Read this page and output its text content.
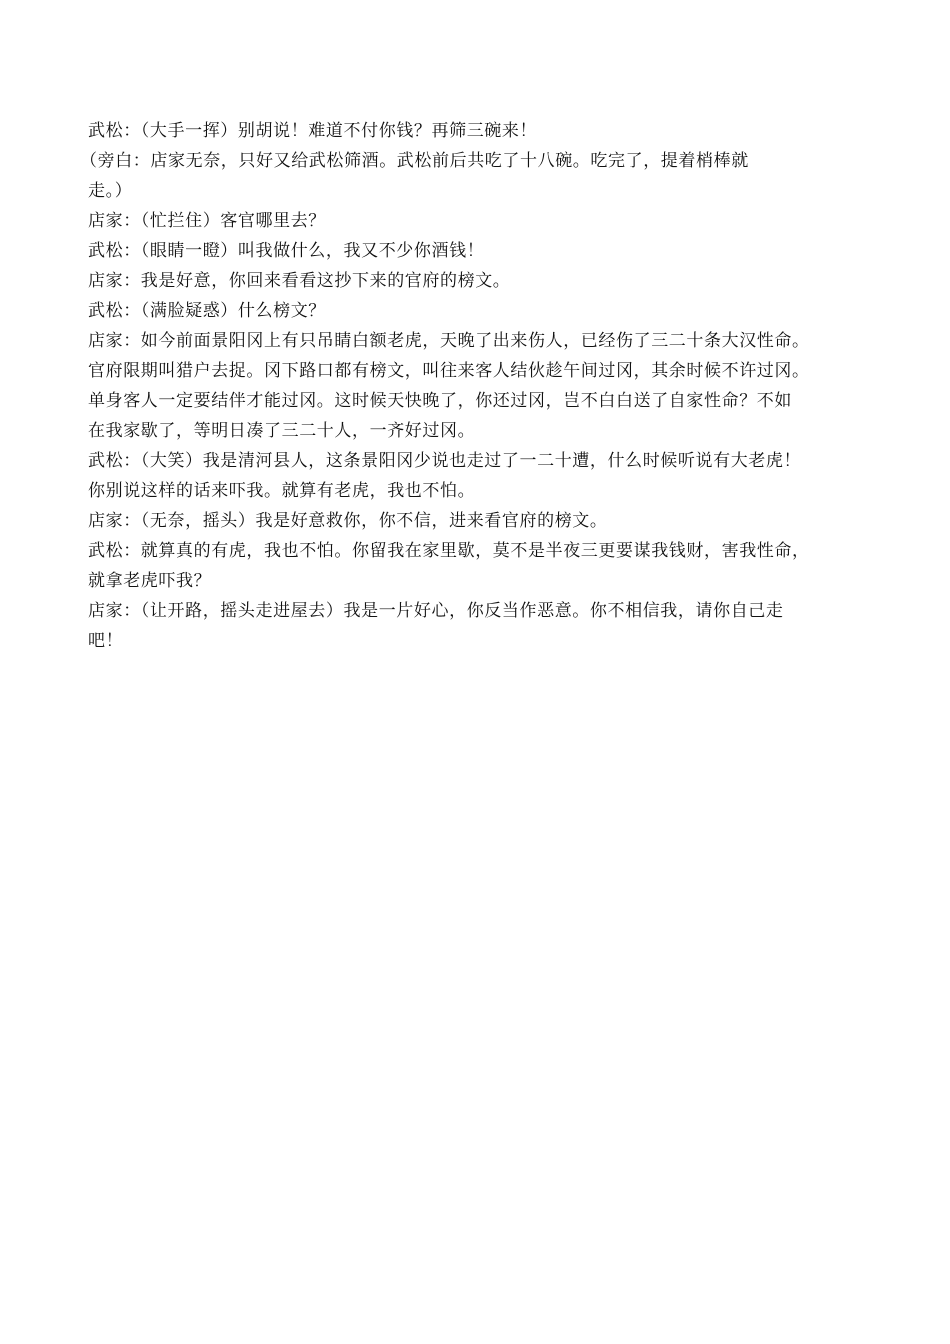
武松：（大手一挥）别胡说！难道不付你钱？再筛三碗来！

（旁白：店家无奈，只好又给武松筛酒。武松前后共吃了十八碗。吃完了，提着梢棒就

走。）

店家：（忙拦住）客官哪里去？

武松：（眼睛一瞪）叫我做什么，我又不少你酒钱！

店家：我是好意，你回来看看这抄下来的官府的榜文。

武松：（满脸疑惑）什么榜文？

店家：如今前面景阳冈上有只吊睛白额老虎，天晚了出来伤人，已经伤了三二十条大汉性命。

官府限期叫猎户去捉。冈下路口都有榜文，叫往来客人结伙趁午间过冈，其余时候不许过冈。

单身客人一定要结伴才能过冈。这时候天快晚了，你还过冈，岂不白白送了自家性命？不如

在我家歇了，等明日凑了三二十人，一齐好过冈。

武松：（大笑）我是清河县人，这条景阳冈少说也走过了一二十遭，什么时候听说有大老虎！

你别说这样的话来吓我。就算有老虎，我也不怕。

店家：（无奈，摇头）我是好意救你，你不信，进来看官府的榜文。

武松：就算真的有虎，我也不怕。你留我在家里歇，莫不是半夜三更要谋我钱财，害我性命，

就拿老虎吓我？

店家：（让开路，摇头走进屋去）我是一片好心，你反当作恶意。你不相信我，请你自己走

吧！
